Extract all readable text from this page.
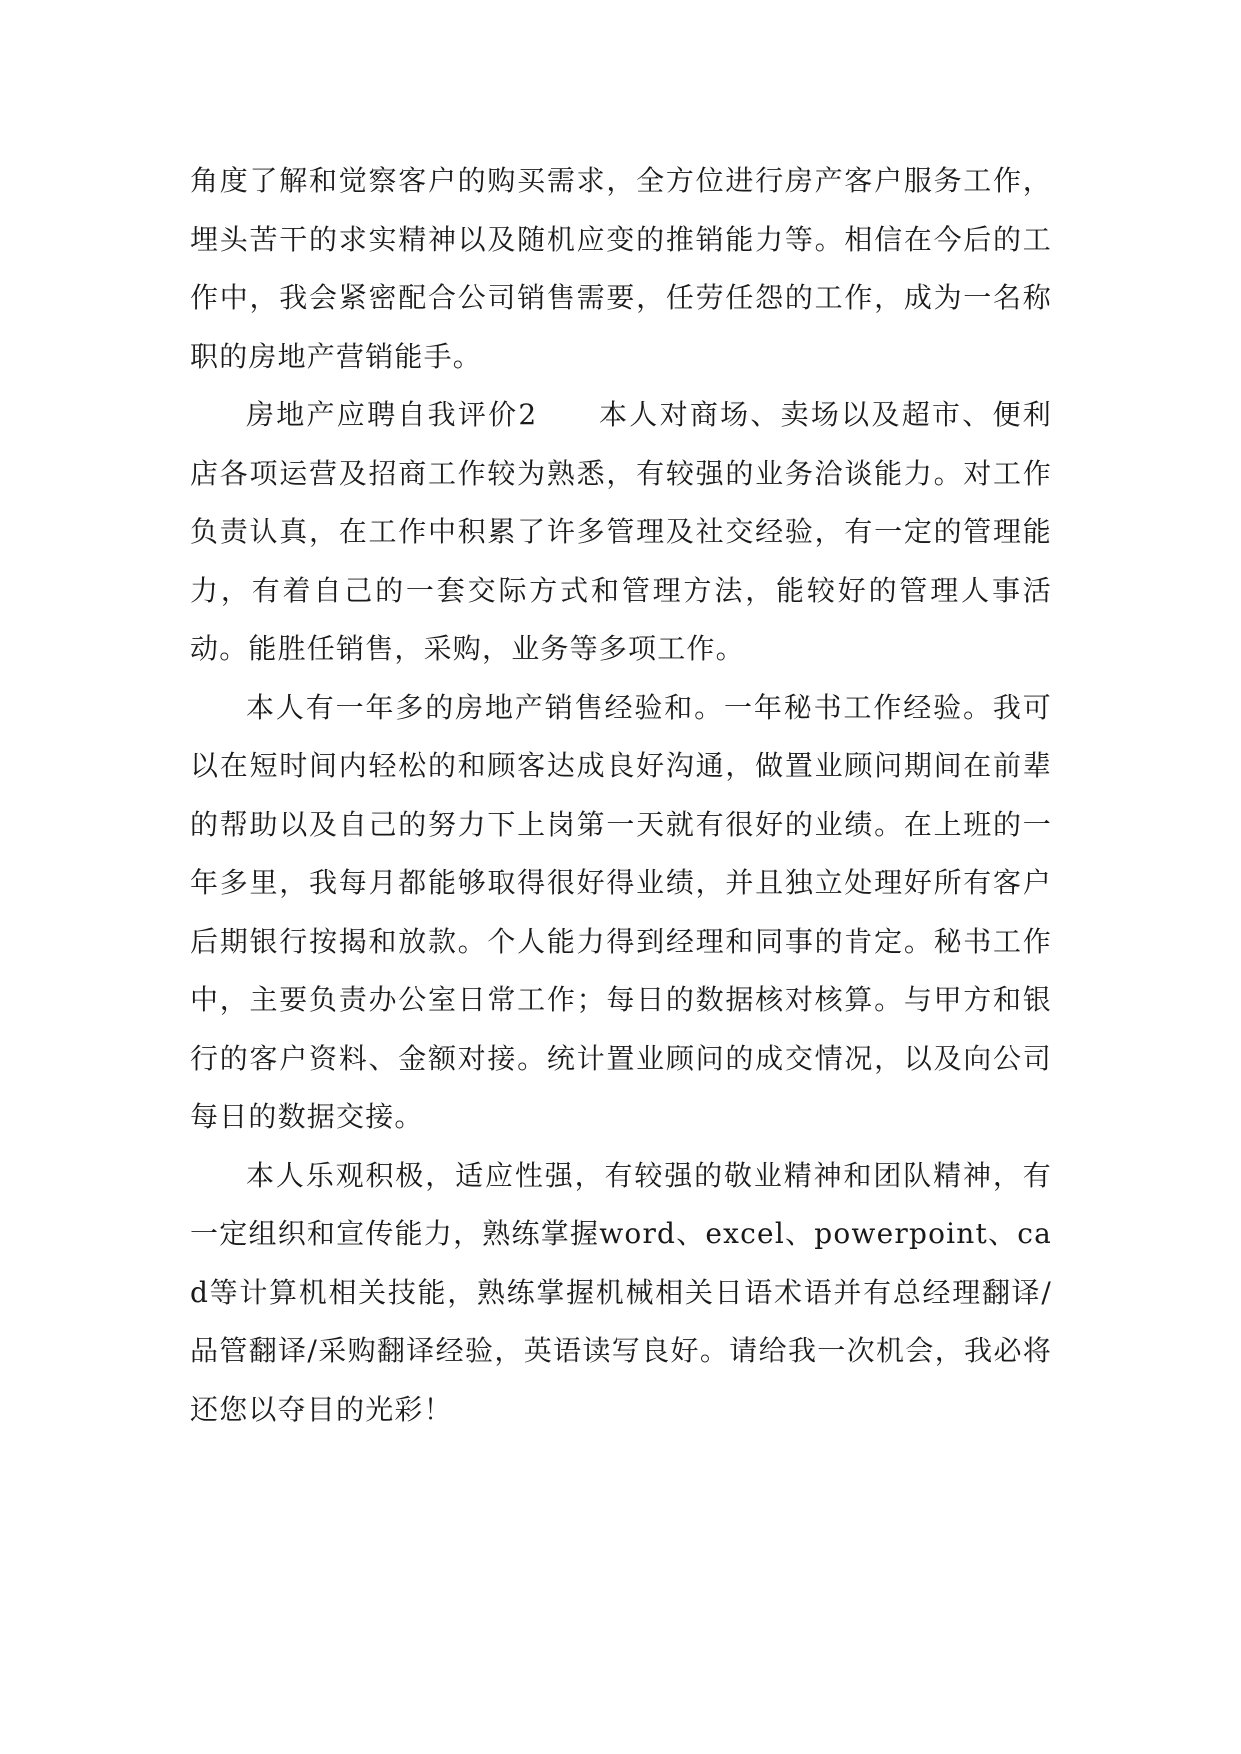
角度了解和觉察客户的购买需求，全方位进行房产客户服务工作，埋头苦干的求实精神以及随机应变的推销能力等。相信在今后的工作中，我会紧密配合公司销售需要，任劳任怨的工作，成为一名称职的房地产营销能手。

房地产应聘自我评价2　　本人对商场、卖场以及超市、便利店各项运营及招商工作较为熟悉，有较强的业务洽谈能力。对工作负责认真，在工作中积累了许多管理及社交经验，有一定的管理能力，有着自己的一套交际方式和管理方法，能较好的管理人事活动。能胜任销售，采购，业务等多项工作。

本人有一年多的房地产销售经验和。一年秘书工作经验。我可以在短时间内轻松的和顾客达成良好沟通，做置业顾问期间在前辈的帮助以及自己的努力下上岗第一天就有很好的业绩。在上班的一年多里，我每月都能够取得很好得业绩，并且独立处理好所有客户后期银行按揭和放款。个人能力得到经理和同事的肯定。秘书工作中，主要负责办公室日常工作；每日的数据核对核算。与甲方和银行的客户资料、金额对接。统计置业顾问的成交情况，以及向公司每日的数据交接。

本人乐观积极，适应性强，有较强的敬业精神和团队精神，有一定组织和宣传能力，熟练掌握word、excel、powerpoint、cad等计算机相关技能，熟练掌握机械相关日语术语并有总经理翻译/品管翻译/采购翻译经验，英语读写良好。请给我一次机会，我必将还您以夺目的光彩！
